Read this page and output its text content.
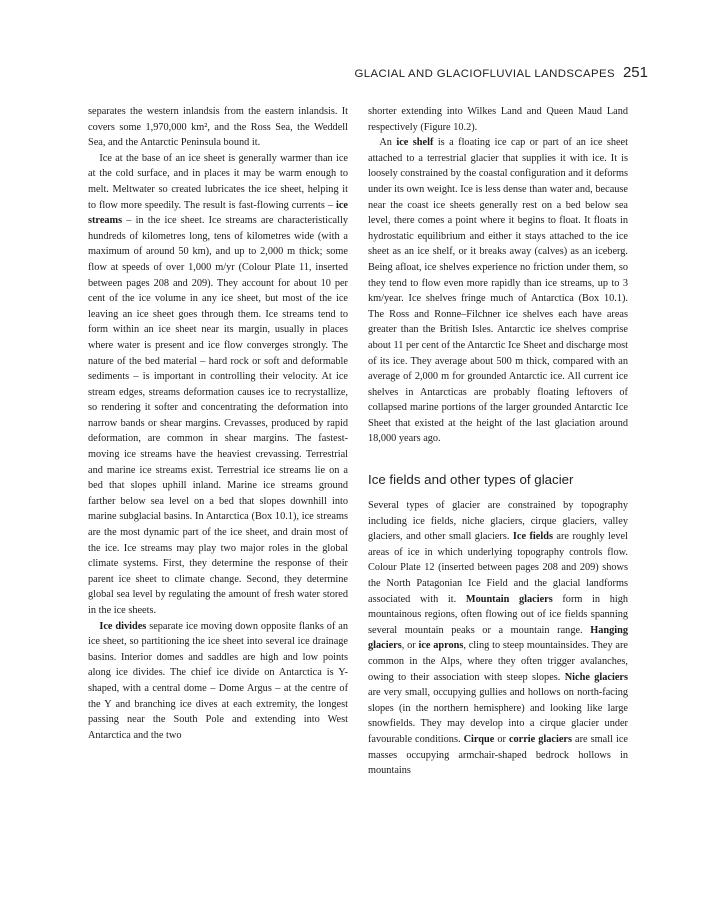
GLACIAL AND GLACIOFLUVIAL LANDSCAPES 251

separates the western inlandsis from the eastern inlandsis. It covers some 1,970,000 km², and the Ross Sea, the Weddell Sea, and the Antarctic Peninsula bound it.

Ice at the base of an ice sheet is generally warmer than ice at the cold surface, and in places it may be warm enough to melt. Meltwater so created lubricates the ice sheet, helping it to flow more speedily. The result is fast-flowing currents – ice streams – in the ice sheet. Ice streams are characteristically hundreds of kilometres long, tens of kilometres wide (with a maximum of around 50 km), and up to 2,000 m thick; some flow at speeds of over 1,000 m/yr (Colour Plate 11, inserted between pages 208 and 209). They account for about 10 per cent of the ice volume in any ice sheet, but most of the ice leaving an ice sheet goes through them. Ice streams tend to form within an ice sheet near its margin, usually in places where water is present and ice flow converges strongly. The nature of the bed material – hard rock or soft and deformable sediments – is important in controlling their velocity. At ice stream edges, streams deformation causes ice to recrystallize, so rendering it softer and concentrating the deformation into narrow bands or shear margins. Crevasses, produced by rapid deformation, are common in shear margins. The fastest-moving ice streams have the heaviest crevassing. Terrestrial and marine ice streams exist. Terrestrial ice streams lie on a bed that slopes uphill inland. Marine ice streams ground farther below sea level on a bed that slopes downhill into marine subglacial basins. In Antarctica (Box 10.1), ice streams are the most dynamic part of the ice sheet, and drain most of the ice. Ice streams may play two major roles in the global climate systems. First, they determine the response of their parent ice sheet to climate change. Second, they determine global sea level by regulating the amount of fresh water stored in the ice sheets.

Ice divides separate ice moving down opposite flanks of an ice sheet, so partitioning the ice sheet into several ice drainage basins. Interior domes and saddles are high and low points along ice divides. The chief ice divide on Antarctica is Y-shaped, with a central dome – Dome Argus – at the centre of the Y and branching ice dives at each extremity, the longest passing near the South Pole and extending into West Antarctica and the two

shorter extending into Wilkes Land and Queen Maud Land respectively (Figure 10.2).

An ice shelf is a floating ice cap or part of an ice sheet attached to a terrestrial glacier that supplies it with ice. It is loosely constrained by the coastal configuration and it deforms under its own weight. Ice is less dense than water and, because near the coast ice sheets generally rest on a bed below sea level, there comes a point where it begins to float. It floats in hydrostatic equilibrium and either it stays attached to the ice sheet as an ice shelf, or it breaks away (calves) as an iceberg. Being afloat, ice shelves experience no friction under them, so they tend to flow even more rapidly than ice streams, up to 3 km/year. Ice shelves fringe much of Antarctica (Box 10.1). The Ross and Ronne–Filchner ice shelves each have areas greater than the British Isles. Antarctic ice shelves comprise about 11 per cent of the Antarctic Ice Sheet and discharge most of its ice. They average about 500 m thick, compared with an average of 2,000 m for grounded Antarctic ice. All current ice shelves in Antarcticas are probably floating leftovers of collapsed marine portions of the larger grounded Antarctic Ice Sheet that existed at the height of the last glaciation around 18,000 years ago.

Ice fields and other types of glacier

Several types of glacier are constrained by topography including ice fields, niche glaciers, cirque glaciers, valley glaciers, and other small glaciers. Ice fields are roughly level areas of ice in which underlying topography controls flow. Colour Plate 12 (inserted between pages 208 and 209) shows the North Patagonian Ice Field and the glacial landforms associated with it. Mountain glaciers form in high mountainous regions, often flowing out of ice fields spanning several mountain peaks or a mountain range. Hanging glaciers, or ice aprons, cling to steep mountainsides. They are common in the Alps, where they often trigger avalanches, owing to their association with steep slopes. Niche glaciers are very small, occupying gullies and hollows on north-facing slopes (in the northern hemisphere) and looking like large snowfields. They may develop into a cirque glacier under favourable conditions. Cirque or corrie glaciers are small ice masses occupying armchair-shaped bedrock hollows in mountains
